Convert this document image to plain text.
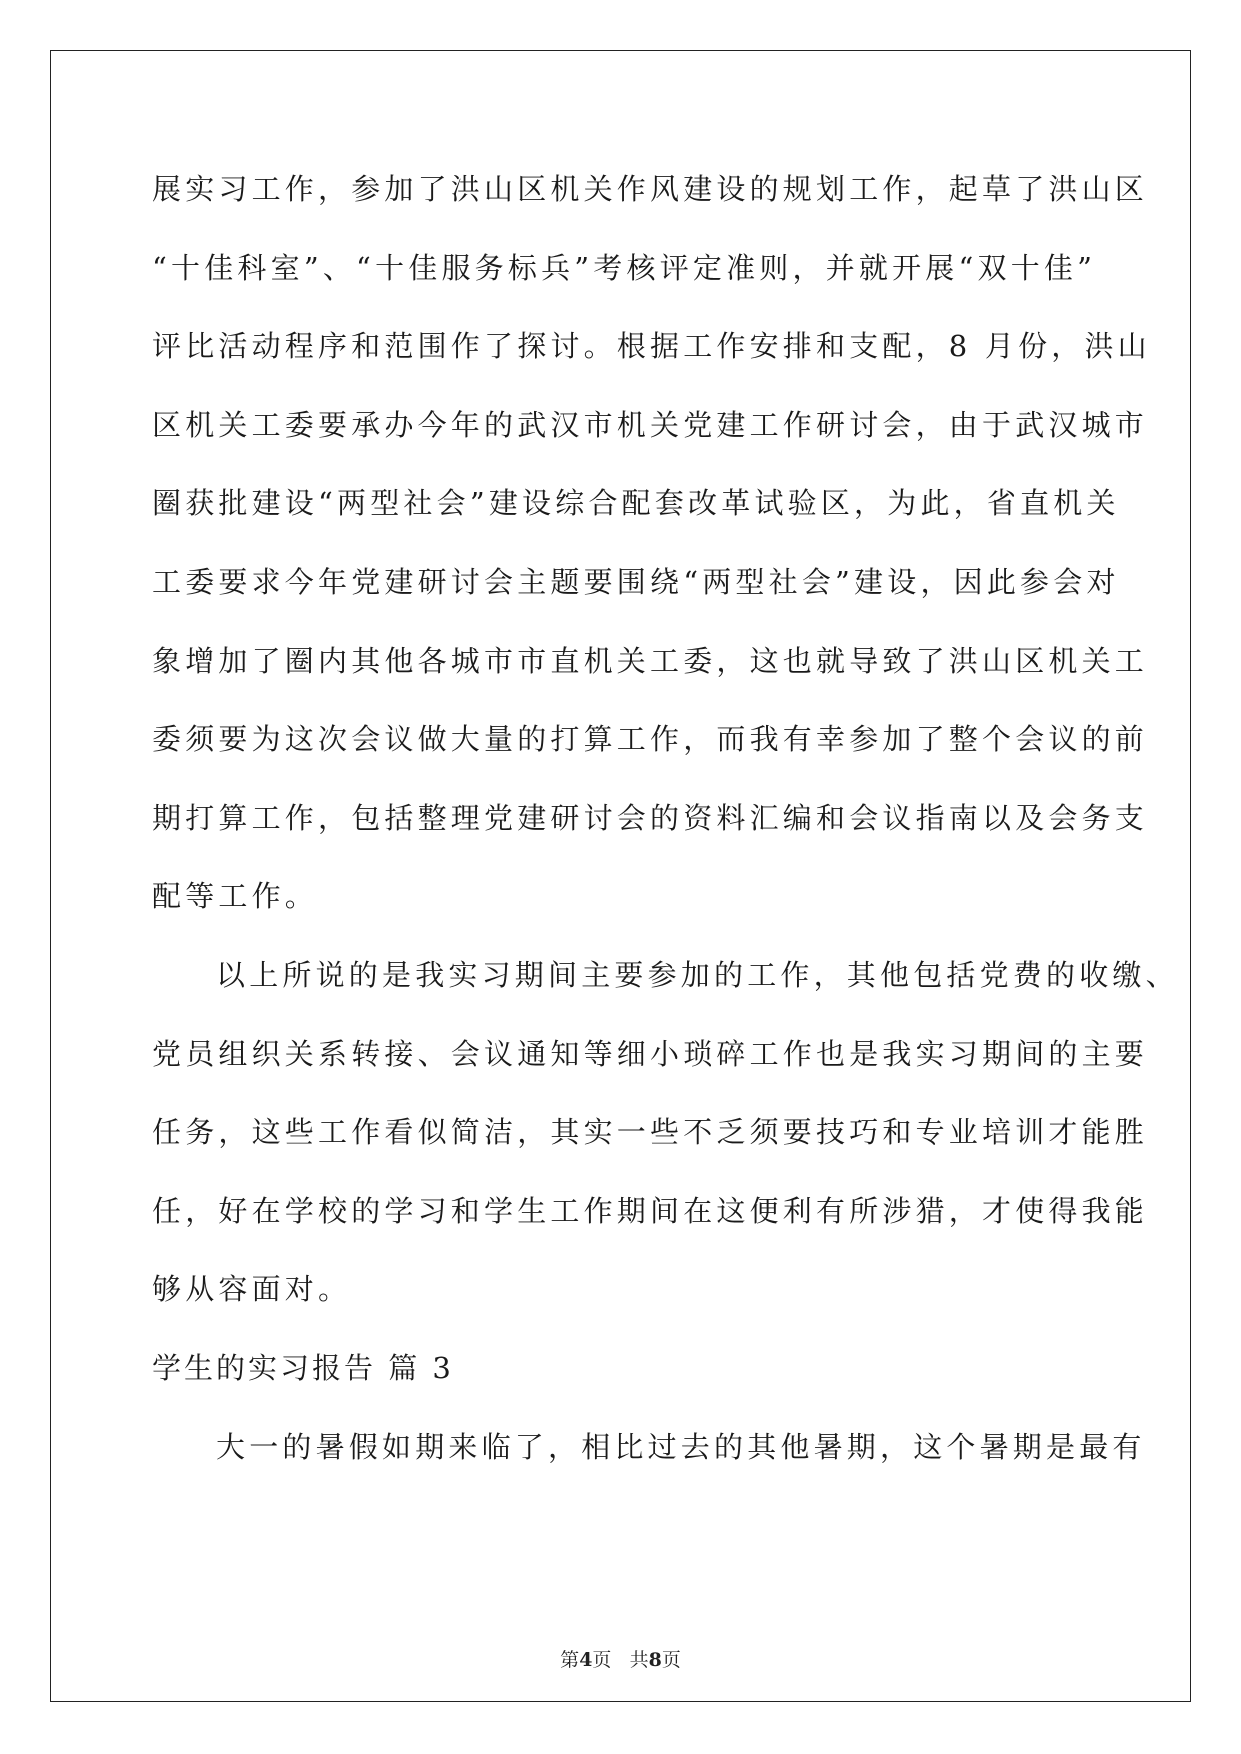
展实习工作，参加了洪山区机关作风建设的规划工作，起草了洪山区
“十佳科室”、“十佳服务标兵”考核评定准则，并就开展“双十佳”
评比活动程序和范围作了探讨。根据工作安排和支配，8 月份，洪山
区机关工委要承办今年的武汉市机关党建工作研讨会，由于武汉城市
圈获批建设“两型社会”建设综合配套改革试验区，为此，省直机关
工委要求今年党建研讨会主题要围绕“两型社会”建设，因此参会对
象增加了圈内其他各城市市直机关工委，这也就导致了洪山区机关工
委须要为这次会议做大量的打算工作，而我有幸参加了整个会议的前
期打算工作，包括整理党建研讨会的资料汇编和会议指南以及会务支
配等工作。
以上所说的是我实习期间主要参加的工作，其他包括党费的收缴、
党员组织关系转接、会议通知等细小琐碎工作也是我实习期间的主要
任务，这些工作看似简洁，其实一些不乏须要技巧和专业培训才能胜
任，好在学校的学习和学生工作期间在这便利有所涉猎，才使得我能
够从容面对。
学生的实习报告 篇 3
大一的暑假如期来临了，相比过去的其他暑期，这个暑期是最有
第4页 共8页
